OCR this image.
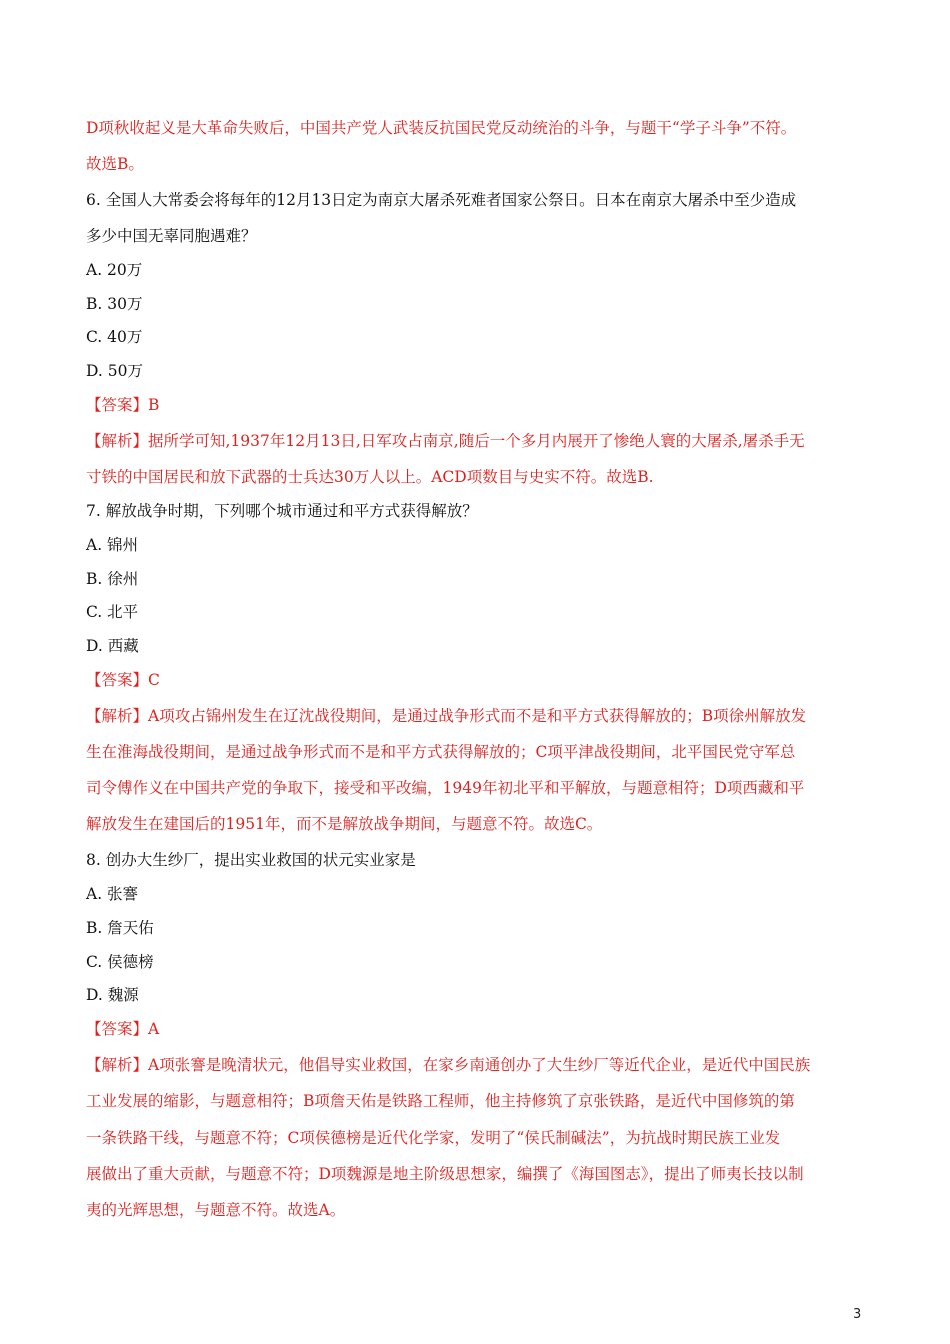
D项秋收起义是大革命失败后，中国共产党人武装反抗国民党反动统治的斗争，与题干“学子斗争”不符。
故选B。
6. 全国人大常委会将每年的12月13日定为南京大屠杀死难者国家公祭日。日本在南京大屠杀中至少造成
多少中国无辜同胞遇难？
A. 20万
B. 30万
C. 40万
D. 50万
【答案】B
【解析】据所学可知,1937年12月13日,日军攻占南京,随后一个多月内展开了惨绝人寰的大屠杀,屠杀手无
寸铁的中国居民和放下武器的士兵达30万人以上。ACD项数目与史实不符。故选B.
7. 解放战争时期，下列哪个城市通过和平方式获得解放？
A. 锦州
B. 徐州
C. 北平
D. 西藏
【答案】C
【解析】A项攻占锦州发生在辽沈战役期间，是通过战争形式而不是和平方式获得解放的；B项徐州解放发
生在淮海战役期间，是通过战争形式而不是和平方式获得解放的；C项平津战役期间，北平国民党守军总
司令傅作义在中国共产党的争取下，接受和平改编，1949年初北平和平解放，与题意相符；D项西藏和平
解放发生在建国后的1951年，而不是解放战争期间，与题意不符。故选C。
8. 创办大生纱厂，提出实业救国的状元实业家是
A. 张謇
B. 詹天佑
C. 侯德榜
D. 魏源
【答案】A
【解析】A项张謇是晚清状元，他倡导实业救国，在家乡南通创办了大生纱厂等近代企业，是近代中国民族
工业发展的缩影，与题意相符；B项詹天佑是铁路工程师，他主持修筑了京张铁路，是近代中国修筑的第
一条铁路干线，与题意不符；C项侯德榜是近代化学家，发明了“侯氏制碱法”，为抗战时期民族工业发
展做出了重大贡献，与题意不符；D项魏源是地主阶级思想家，编撰了《海国图志》，提出了师夷长技以制
夷的光辉思想，与题意不符。故选A。
3
